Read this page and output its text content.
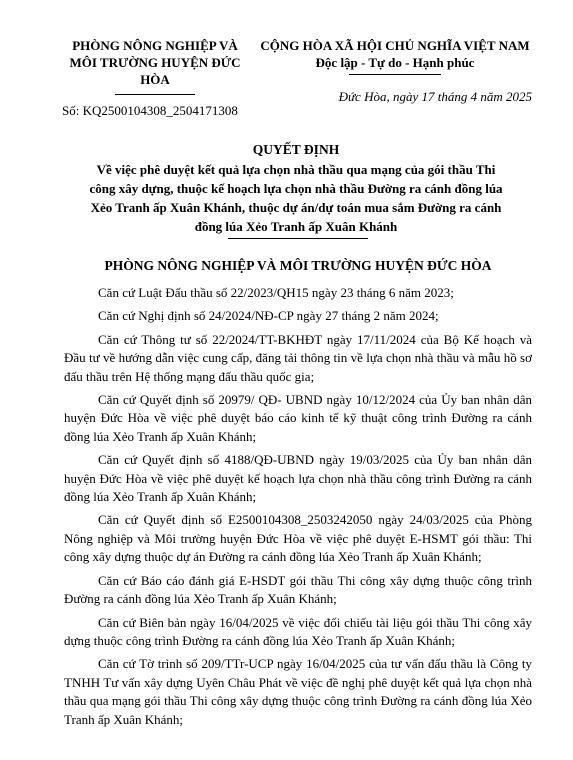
PHÒNG NÔNG NGHIỆP VÀ
MÔI TRƯỜNG HUYỆN ĐỨC
HÒA
CỘNG HÒA XÃ HỘI CHỦ NGHĨA VIỆT NAM
Độc lập - Tự do - Hạnh phúc
Đức Hòa, ngày 17 tháng 4 năm 2025
Số: KQ2500104308_2504171308
QUYẾT ĐỊNH
Về việc phê duyệt kết quả lựa chọn nhà thầu qua mạng của gói thầu Thi
công xây dựng, thuộc kế hoạch lựa chọn nhà thầu Đường ra cánh đồng lúa
Xẻo Tranh ấp Xuân Khánh, thuộc dự án/dự toán mua sắm Đường ra cánh
đồng lúa Xẻo Tranh ấp Xuân Khánh
PHÒNG NÔNG NGHIỆP VÀ MÔI TRƯỜNG HUYỆN ĐỨC HÒA

Căn cứ Luật Đấu thầu số 22/2023/QH15 ngày 23 tháng 6 năm 2023;

Căn cứ Nghị định số 24/2024/NĐ-CP ngày 27 tháng 2 năm 2024;

Căn cứ Thông tư số 22/2024/TT-BKHĐT ngày 17/11/2024 của Bộ Kế hoạch và Đầu tư về hướng dẫn việc cung cấp, đăng tải thông tin về lựa chọn nhà thầu và mẫu hồ sơ đấu thầu trên Hệ thống mạng đấu thầu quốc gia;

Căn cứ Quyết định số 20979/ QĐ- UBND ngày 10/12/2024 của Ủy ban nhân dân huyện Đức Hòa về việc phê duyệt báo cáo kinh tế kỹ thuật công trình Đường ra cánh đồng lúa Xẻo Tranh ấp Xuân Khánh;

Căn cứ Quyết định số 4188/QĐ-UBND ngày 19/03/2025 của Ủy ban nhân dân huyện Đức Hòa về việc phê duyệt kế hoạch lựa chọn nhà thầu công trình Đường ra cánh đồng lúa Xẻo Tranh ấp Xuân Khánh;

Căn cứ Quyết định số E2500104308_2503242050 ngày 24/03/2025 của Phòng Nông nghiệp và Môi trường huyện Đức Hòa về việc phê duyệt E-HSMT gói thầu: Thi công xây dựng thuộc dự án Đường ra cánh đồng lúa Xẻo Tranh ấp Xuân Khánh;

Căn cứ Báo cáo đánh giá E-HSDT gói thầu Thi công xây dựng thuộc công trình Đường ra cánh đồng lúa Xẻo Tranh ấp Xuân Khánh;

Căn cứ Biên bản ngày 16/04/2025 về việc đối chiếu tài liệu gói thầu Thi công xây dựng thuộc công trình Đường ra cánh đồng lúa Xẻo Tranh ấp Xuân Khánh;

Căn cứ Tờ trình số 209/TTr-UCP ngày 16/04/2025 của tư vấn đấu thầu là Công ty TNHH Tư vấn xây dựng Uyên Châu Phát về việc đề nghị phê duyệt kết quả lựa chọn nhà thầu qua mạng gói thầu Thi công xây dựng thuộc công trình Đường ra cánh đồng lúa Xẻo Tranh ấp Xuân Khánh;
